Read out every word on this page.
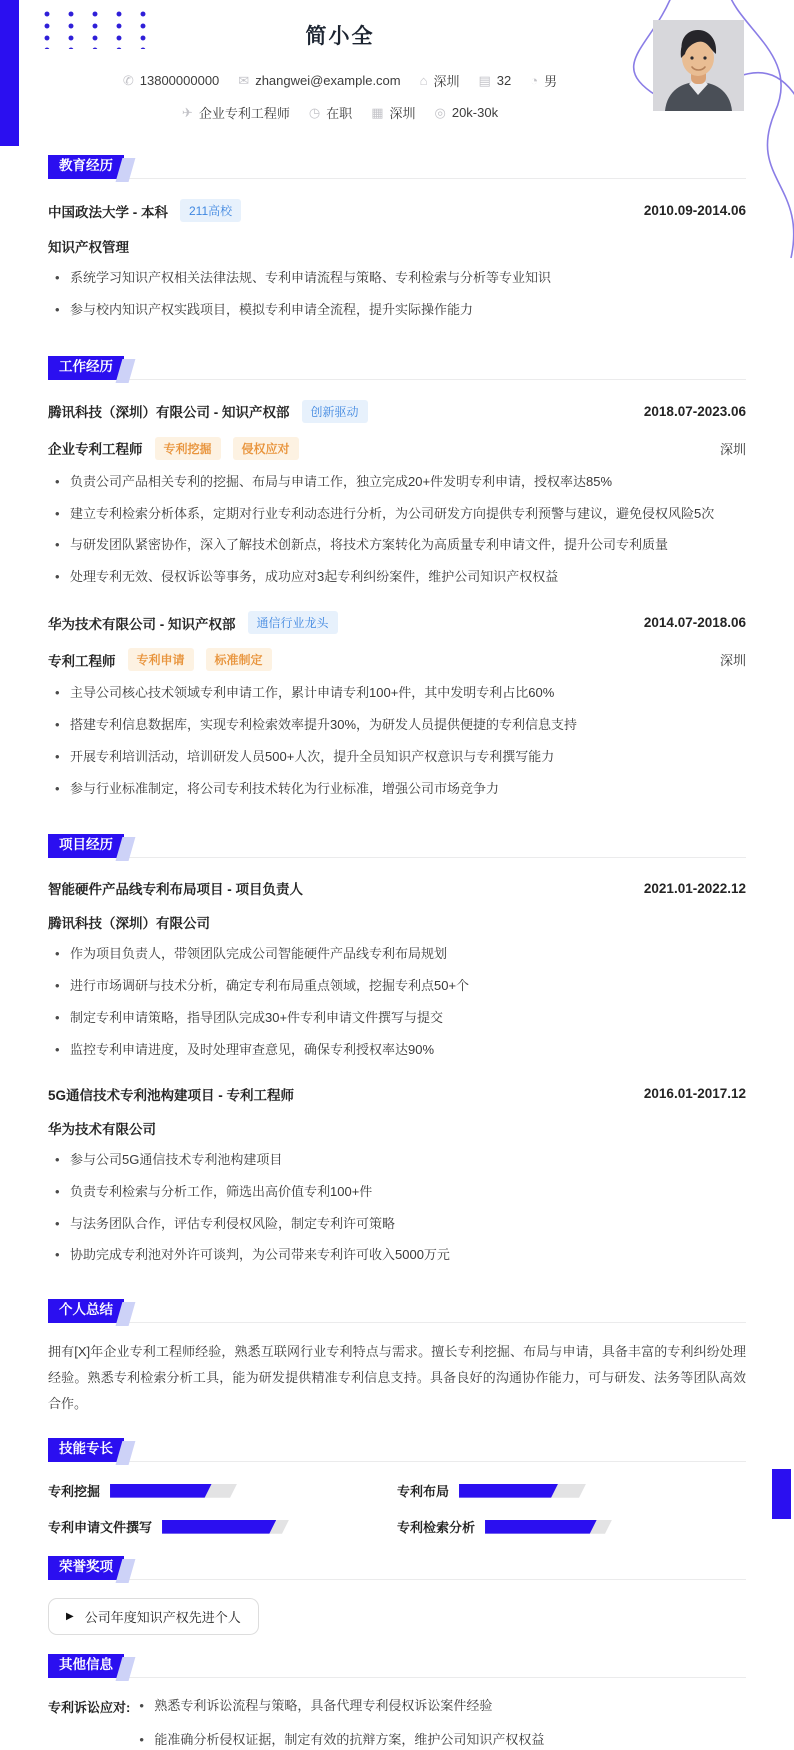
简小全
✆ 13800000000 ✉ zhangwei@example.com ⌂ 深圳 ▤ 32 ◔ 男
✈ 企业专利工程师 ◷ 在职 ▦ 深圳 ◎ 20k-30k
教育经历
中国政法大学 - 本科	211高校	2010.09-2014.06
知识产权管理
• 系统学习知识产权相关法律法规、专利申请流程与策略、专利检索与分析等专业知识
• 参与校内知识产权实践项目，模拟专利申请全流程，提升实际操作能力
工作经历
腾讯科技（深圳）有限公司 - 知识产权部	创新驱动	2018.07-2023.06
企业专利工程师	专利挖掘	侵权应对	深圳
• 负责公司产品相关专利的挖掘、布局与申请工作，独立完成20+件发明专利申请，授权率达85%
• 建立专利检索分析体系，定期对行业专利动态进行分析，为公司研发方向提供专利预警与建议，避免侵权风险5次
• 与研发团队紧密协作，深入了解技术创新点，将技术方案转化为高质量专利申请文件，提升公司专利质量
• 处理专利无效、侵权诉讼等事务，成功应对3起专利纠纷案件，维护公司知识产权权益
华为技术有限公司 - 知识产权部	通信行业龙头	2014.07-2018.06
专利工程师	专利申请	标准制定	深圳
• 主导公司核心技术领域专利申请工作，累计申请专利100+件，其中发明专利占比60%
• 搭建专利信息数据库，实现专利检索效率提升30%，为研发人员提供便捷的专利信息支持
• 开展专利培训活动，培训研发人员500+人次，提升全员知识产权意识与专利撰写能力
• 参与行业标准制定，将公司专利技术转化为行业标准，增强公司市场竞争力
项目经历
智能硬件产品线专利布局项目 - 项目负责人	2021.01-2022.12
腾讯科技（深圳）有限公司
• 作为项目负责人，带领团队完成公司智能硬件产品线专利布局规划
• 进行市场调研与技术分析，确定专利布局重点领域，挖掘专利点50+个
• 制定专利申请策略，指导团队完成30+件专利申请文件撰写与提交
• 监控专利申请进度，及时处理审查意见，确保专利授权率达90%
5G通信技术专利池构建项目 - 专利工程师	2016.01-2017.12
华为技术有限公司
• 参与公司5G通信技术专利池构建项目
• 负责专利检索与分析工作，筛选出高价值专利100+件
• 与法务团队合作，评估专利侵权风险，制定专利许可策略
• 协助完成专利池对外许可谈判，为公司带来专利许可收入5000万元
个人总结

拥有[X]年企业专利工程师经验，熟悉互联网行业专利特点与需求。擅长专利挖掘、布局与申请，具备丰富的专利纠纷处理经验。熟悉专利检索分析工具，能为研发提供精准专利信息支持。具备良好的沟通协作能力，可与研发、法务等团队高效合作。

技能专长
专利挖掘	专利布局
专利申请文件撰写	专利检索分析
荣誉奖项
▶ 公司年度知识产权先进个人
其他信息
专利诉讼应对:	• 熟悉专利诉讼流程与策略，具备代理专利侵权诉讼案件经验
• 能准确分析侵权证据，制定有效的抗辩方案，维护公司知识产权权益
